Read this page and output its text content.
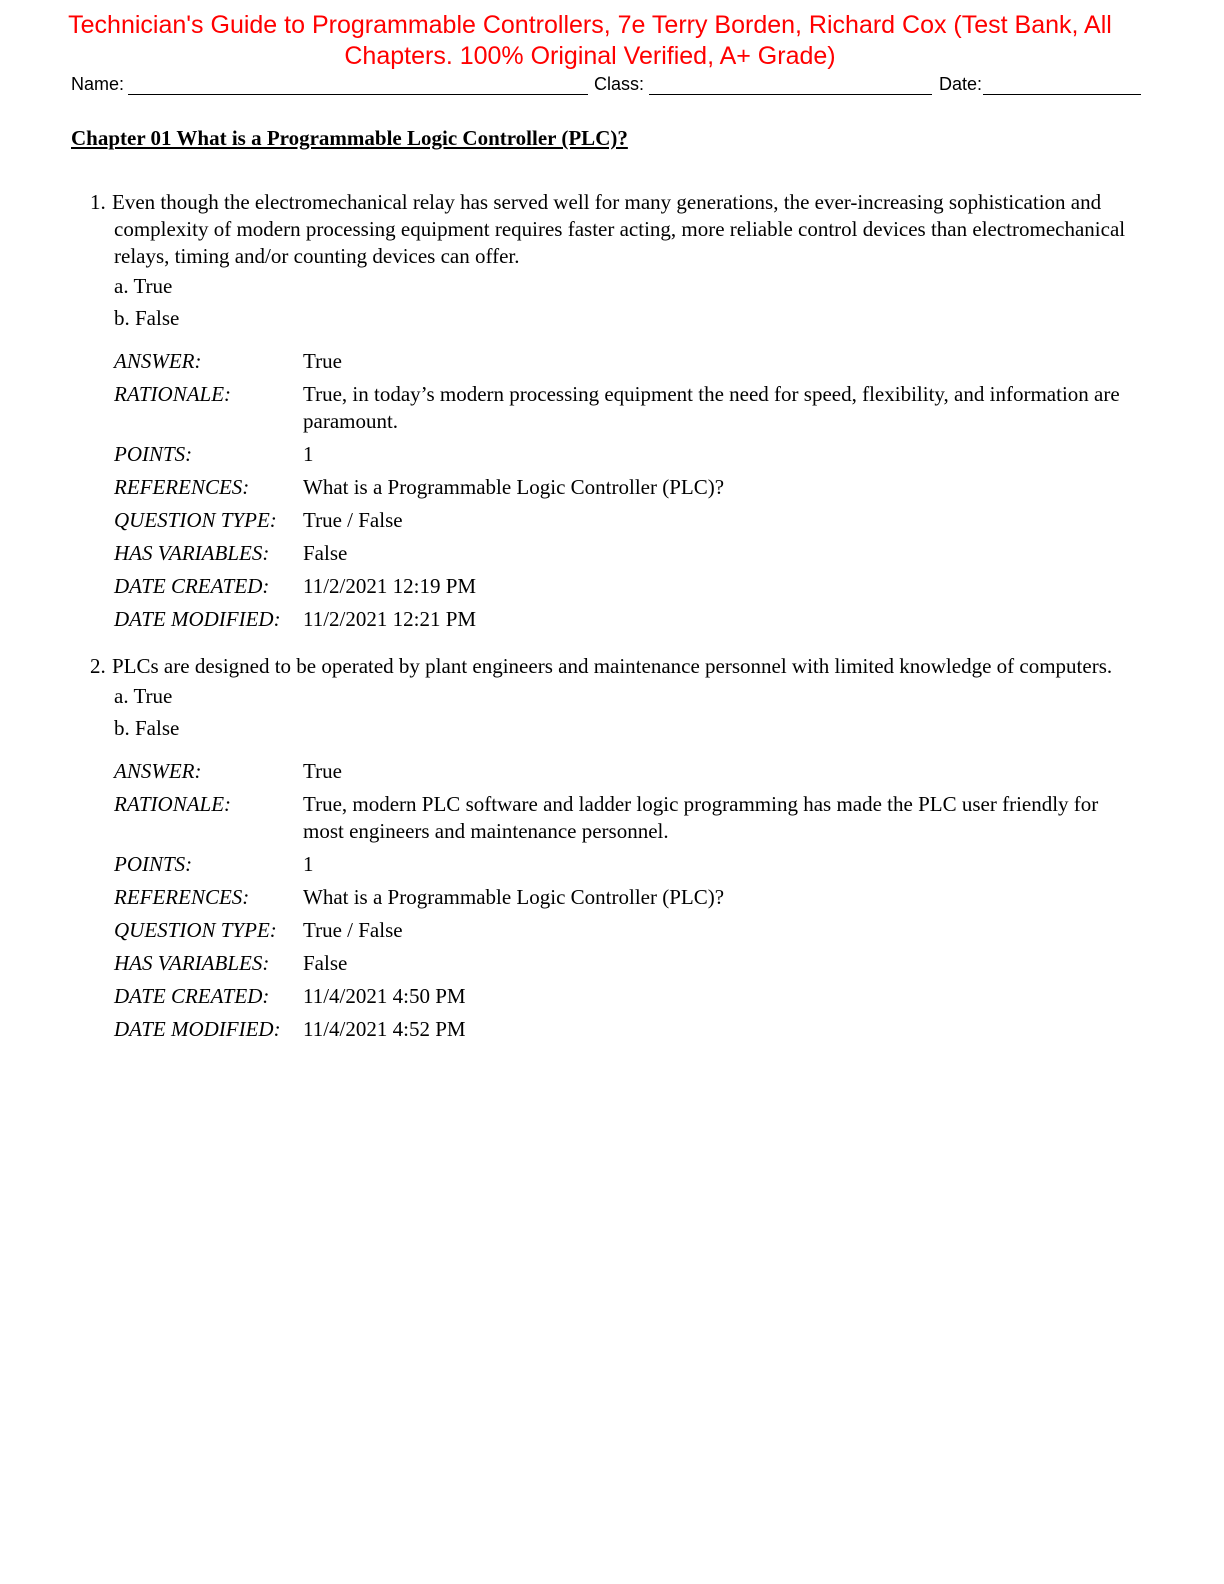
Technician's Guide to Programmable Controllers, 7e Terry Borden, Richard Cox (Test Bank, All
Chapters. 100% Original Verified, A+ Grade)
Name:	Class:	Date:
Chapter 01 What is a Programmable Logic Controller (PLC)?
1. Even though the electromechanical relay has served well for many generations, the ever-increasing sophistication and complexity of modern processing equipment requires faster acting, more reliable control devices than electromechanical relays, timing and/or counting devices can offer.
a. True
b. False
ANSWER:	True
RATIONALE:	True, in today’s modern processing equipment the need for speed, flexibility, and information are paramount.
POINTS:	1
REFERENCES:	What is a Programmable Logic Controller (PLC)?
QUESTION TYPE:	True / False
HAS VARIABLES:	False
DATE CREATED:	11/2/2021 12:19 PM
DATE MODIFIED:	11/2/2021 12:21 PM
2. PLCs are designed to be operated by plant engineers and maintenance personnel with limited knowledge of computers.
a. True
b. False
ANSWER:	True
RATIONALE:	True, modern PLC software and ladder logic programming has made the PLC user friendly for most engineers and maintenance personnel.
POINTS:	1
REFERENCES:	What is a Programmable Logic Controller (PLC)?
QUESTION TYPE:	True / False
HAS VARIABLES:	False
DATE CREATED:	11/4/2021 4:50 PM
DATE MODIFIED:	11/4/2021 4:52 PM
